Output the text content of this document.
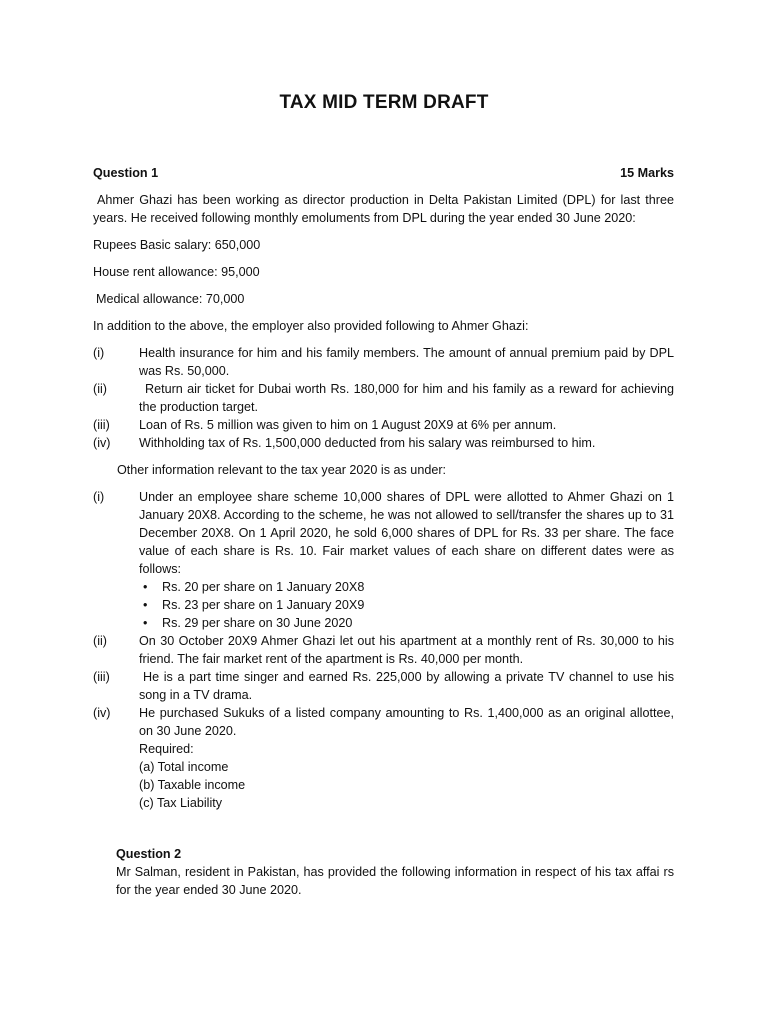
TAX MID TERM DRAFT
Question 1	15 Marks

Ahmer Ghazi has been working as director production in Delta Pakistan Limited (DPL) for last three years. He received following monthly emoluments from DPL during the year ended 30 June 2020:

Rupees Basic salary: 650,000

House rent allowance: 95,000

Medical allowance: 70,000

In addition to the above, the employer also provided following to Ahmer Ghazi:

(i)	Health insurance for him and his family members. The amount of annual premium paid by DPL was Rs. 50,000.
(ii)	Return air ticket for Dubai worth Rs. 180,000 for him and his family as a reward for achieving the production target.
(iii) Loan of Rs. 5 million was given to him on 1 August 20X9 at 6% per annum.
(iv) Withholding tax of Rs. 1,500,000 deducted from his salary was reimbursed to him.

Other information relevant to the tax year 2020 is as under:

(i)	Under an employee share scheme 10,000 shares of DPL were allotted to Ahmer Ghazi on 1 January 20X8. According to the scheme, he was not allowed to sell/transfer the shares up to 31 December 20X8. On 1 April 2020, he sold 6,000 shares of DPL for Rs. 33 per share. The face value of each share is Rs. 10. Fair market values of each share on different dates were as follows:
• Rs. 20 per share on 1 January 20X8
• Rs. 23 per share on 1 January 20X9
• Rs. 29 per share on 30 June 2020
(ii)	On 30 October 20X9 Ahmer Ghazi let out his apartment at a monthly rent of Rs. 30,000 to his friend. The fair market rent of the apartment is Rs. 40,000 per month.
(iii)	He is a part time singer and earned Rs. 225,000 by allowing a private TV channel to use his song in a TV drama.
(iv) He purchased Sukuks of a listed company amounting to Rs. 1,400,000 as an original allottee, on 30 June 2020.
Required:
(a) Total income
(b) Taxable income
(c) Tax Liability
Question 2

Mr Salman, resident in Pakistan, has provided the following information in respect of his tax affai rs for the year ended 30 June 2020.
